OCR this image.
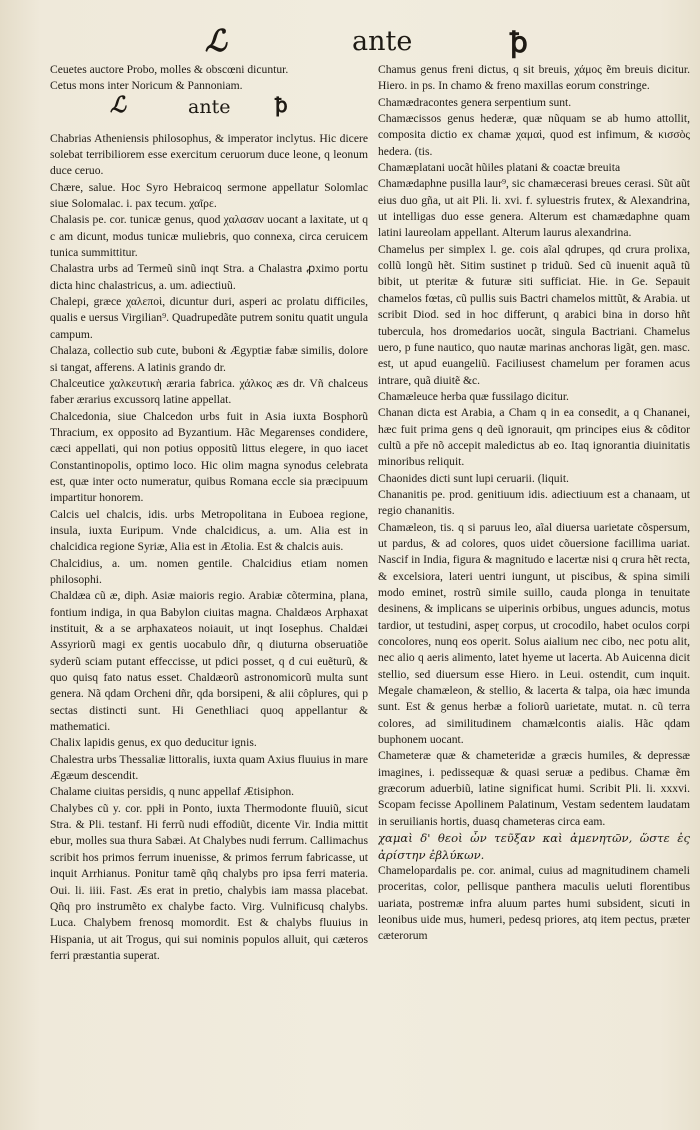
ℒ	ante	ꝥ

Ceuetes auctore Probo, molles & obscœni dicuntur.

Cetus mons inter Noricum & Pannoniam.

ℒ	ante ꝥ

Chabrias Atheniensis philosophus, & imperator inclytus. Hic dicere solebat terribiliorem esse exercitum ceruorum duce leone, q leonum duce ceruo.

Chære, salue. Hoc Syro Hebraicoq sermone appellatur Solomlac siue Solomalac. i. pax tecum. χαῖρε.

Chalasis pe. cor. tunicæ genus, quod χαλασαν uocant a laxitate, ut q c am dicunt, modus tunicæ muliebris, quo connexa, circa ceruicem tunica summittitur.

Chalastra urbs ad Termeũ sinũ inqt Stra. a Chalastra ꝓximo portu dicta hinc chalastricus, a. um. adiectiuũ.

Chalepi, græce χαλεποὶ, dicuntur duri, asperi ac prolatu difficiles, qualis e uersus Virgilian⁹. Quadrupedãte putrem sonitu quatit ungula campum.

Chalaza, collectio sub cute, buboni & Ægyptiæ fabæ similis, dolore si tangat, afferens. A latinis grando dr.

Chalceutice χαλκευτικὴ æraria fabrica. χάλκος æs dr. Vñ chalceus faber ærarius excussorq latine appellat.

Chalcedonia, siue Chalcedon urbs fuit in Asia iuxta Bosphorũ Thracium, ex opposito ad Byzantium. Hãc Megarenses condidere, cæci appellati, qui non potius oppositũ littus elegere, in quo iacet Constantinopolis, optimo loco. Hic olim magna synodus celebrata est, quæ inter octo numeratur, quibus Romana eccle sia præcipuum impartitur honorem.

Calcis uel chalcis, idis. urbs Metropolitana in Euboea regione, insula, iuxta Euripum. Vnde chalcidicus, a. um. Alia est in chalcidica regione Syriæ, Alia est in Ætolia. Est & chalcis auis.

Chalcidius, a. um. nomen gentile. Chalcidius etiam nomen philosophi.

Chaldæa cũ æ, diph. Asiæ maioris regio. Arabiæ cõtermina, plana, fontium indiga, in qua Babylon ciuitas magna. Chaldæos Arphaxat instituit, & a se arphaxateos noiauit, ut inqt Iosephus. Chaldæi Assyriorũ magi ex gentis uocabulo dñr, q diuturna obseruatiõe syderũ sciam putant effeccisse, ut pdici posset, q d cui euẽturũ, & quo quisq fato natus esset. Chaldæorũ astronomicorũ multa sunt genera. Nã qdam Orcheni dñr, qda borsipeni, & alii côplures, qui p sectas distincti sunt. Hi Genethliaci quoq appellantur & mathematici.

Chalix lapidis genus, ex quo deducitur ignis.

Chalestra urbs Thessaliæ littoralis, iuxta quam Axius fluuius in mare Ægæum descendit.

Chalame ciuitas persidis, q nunc appellaf Ætisiphon.

Chalybes cũ y. cor. ppłi in Ponto, iuxta Thermodonte fluuiũ, sicut Stra. & Pli. testanf. Hi ferrũ nudi effodiũt, dicente Vir. India mittit ebur, molles sua thura Sabæi. At Chalybes nudi ferrum. Callimachus scribit hos primos ferrum inuenisse, & primos ferrum fabricasse, ut inquit Arrhianus. Ponitur tamẽ qñq chalybs pro ipsa ferri materia. Oui. li. iiii. Fast. Æs erat in pretio, chalybis iam massa placebat. Qñq pro instrumẽto ex chalybe facto. Virg. Vulnificusq chalybs. Luca. Chalybem frenosq momordit. Est & chalybs fluuius in Hispania, ut ait Trogus, qui sui nominis populos alluit, qui cæteros ferri præstantia superat.

Chamus genus freni dictus, q sit breuis, χάμος ẽm breuis dicitur. Hiero. in ps. In chamo & freno maxillas eorum constringe.

Chamædracontes genera serpentium sunt.

Chamæcissos genus hederæ, quæ nũquam se ab humo attollit, composita dictio ex chamæ χαμαὶ, quod est infimum, & κισσὸς hedera. (tis.

Chamæplatani uocãt hũiles platani & coactæ breuita

Chamædaphne pusilla laur⁹, sic chamæcerasi breues cerasi. Sũt aũt eius duo gña, ut ait Pli. li. xvi. f. syluestris frutex, & Alexandrina, ut intelligas duo esse genera. Alterum est chamædaphne quam latini laureolam appellant. Alterum laurus alexandrina.

Chamelus per simplex l. ge. cois aĩal qdrupes, qd crura prolixa, collũ longũ hẽt. Sitim sustinet p triduũ. Sed cũ inuenit aquã tũ bibit, ut pteritæ & futuræ siti sufficiat. Hie. in Ge. Sepauit chamelos fœtas, cũ pullis suis Bactri chamelos mittũt, & Arabia. ut scribit Diod. sed in hoc differunt, q arabici bina in dorso hñt tubercula, hos dromedarios uocãt, singula Bactriani. Chamelus uero, p fune nautico, quo nautæ marinas anchoras ligãt, gen. masc. est, ut apud euangeliũ. Faciliusest chamelum per foramen acus intrare, quã diuitẽ &c.

Chamæleuce herba quæ fussilago dicitur.

Chanan dicta est Arabia, a Cham q in ea consedit, a q Chananei, hæc fuit prima gens q deũ ignorauit, qm principes eius & côditor cultũ a pře nõ accepit maledictus ab eo. Itaq ignorantia diuinitatis minoribus reliquit.

Chaonides dicti sunt lupi ceruarii. (liquit.

Chananitis pe. prod. genitiuum idis. adiectiuum est a chanaam, ut regio chananitis.

Chamæleon, tis. q si paruus leo, aĩal diuersa uarietate cõspersum, ut pardus, & ad colores, quos uidet cõuersione facillima uariat. Nascif in India, figura & magnitudo e lacertæ nisi q crura hẽt recta, & excelsiora, lateri uentri iungunt, ut piscibus, & spina simili modo eminet, rostrũ simile suillo, cauda plonga in tenuitate desinens, & implicans se uiperinis orbibus, ungues aduncis, motus tardior, ut testudini, aspeɽ corpus, ut crocodilo, habet oculos corpi concolores, nunq eos operit. Solus aialium nec cibo, nec potu alit, nec alio q aeris alimento, latet hyeme ut lacerta. Ab Auicenna dicit stellio, sed diuersum esse Hiero. in Leui. ostendit, cum inquit. Megale chamæleon, & stellio, & lacerta & talpa, oia hæc imunda sunt. Est & genus herbæ a foliorũ uarietate, mutat. n. cũ terra colores, ad similitudinem chamælcontis aialis. Hãc qdam buphonem uocant.

Chameteræ quæ & chameteridæ a græcis humiles, & depressæ imagines, i. pedissequæ & quasi seruæ a pedibus. Chamæ ẽm græcorum aduerbiũ, latine significat humi. Scribit Pli. li. xxxvi. Scopam fecisse Apollinem Palatinum, Vestam sedentem laudatam in seruilianis hortis, duasq chameteras circa eam.

χαμαὶ δ' θεοὶ ὦν τεῦξαν καὶ ἀμενητῶν, ὥστε ἐς ἀρίστην ἐβλύκων.

Chamelopardalis pe. cor. animal, cuius ad magnitudinem chameli proceritas, color, pellisque panthera maculis ueluti florentibus uariata, postremæ infra aluum partes humi subsident, sicuti in leonibus uide mus, humeri, pedesq priores, atq item pectus, præter cæterorum
